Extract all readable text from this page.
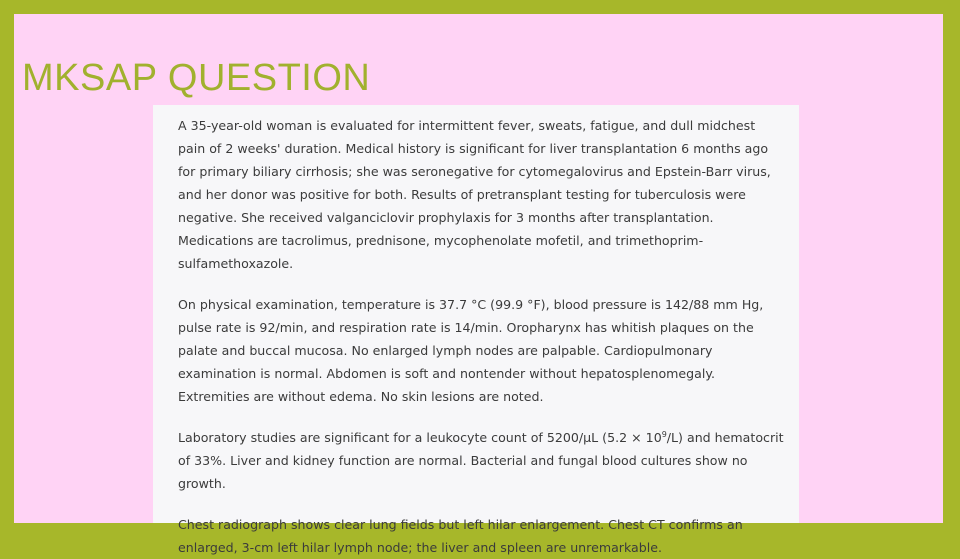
MKSAP QUESTION

A 35-year-old woman is evaluated for intermittent fever, sweats, fatigue, and dull midchest pain of 2 weeks' duration. Medical history is significant for liver transplantation 6 months ago for primary biliary cirrhosis; she was seronegative for cytomegalovirus and Epstein-Barr virus, and her donor was positive for both. Results of pretransplant testing for tuberculosis were negative. She received valganciclovir prophylaxis for 3 months after transplantation. Medications are tacrolimus, prednisone, mycophenolate mofetil, and trimethoprim-sulfamethoxazole.

On physical examination, temperature is 37.7 °C (99.9 °F), blood pressure is 142/88 mm Hg, pulse rate is 92/min, and respiration rate is 14/min. Oropharynx has whitish plaques on the palate and buccal mucosa. No enlarged lymph nodes are palpable. Cardiopulmonary examination is normal. Abdomen is soft and nontender without hepatosplenomegaly. Extremities are without edema. No skin lesions are noted.

Laboratory studies are significant for a leukocyte count of 5200/µL $(5.2 \times 10^9/L)$ and hematocrit of 33%. Liver and kidney function are normal. Bacterial and fungal blood cultures show no growth.

Chest radiograph shows clear lung fields but left hilar enlargement. Chest CT confirms an enlarged, 3-cm left hilar lymph node; the liver and spleen are unremarkable.
